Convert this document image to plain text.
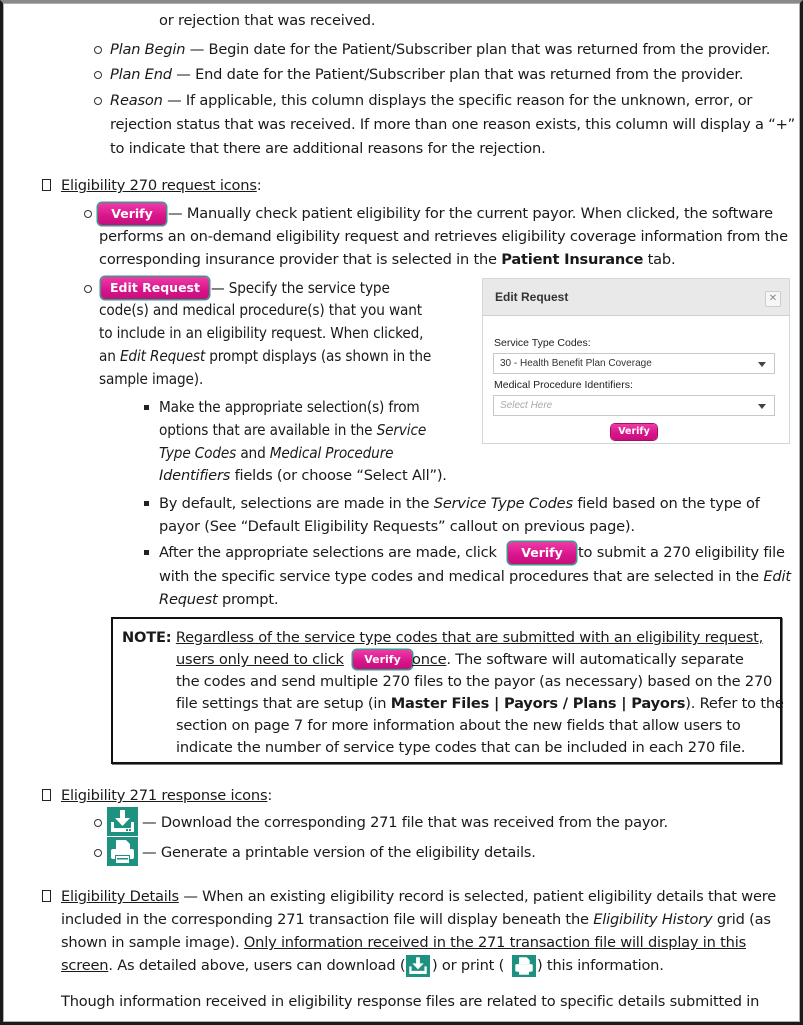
or rejection that was received.
Plan Begin — Begin date for the Patient/Subscriber plan that was returned from the provider.
Plan End — End date for the Patient/Subscriber plan that was returned from the provider.
Reason — If applicable, this column displays the specific reason for the unknown, error, or
rejection status that was received. If more than one reason exists, this column will display a “+”
to indicate that there are additional reasons for the rejection.
Eligibility 270 request icons:
Verify	— Manually check patient eligibility for the current payor. When clicked, the software
performs an on-demand eligibility request and retrieves eligibility coverage information from the
corresponding insurance provider that is selected in the Patient Insurance tab.
Edit Request — Specify the service type
code(s) and medical procedure(s) that you want
to include in an eligibility request. When clicked,
an Edit Request prompt displays (as shown in the
sample image).
Make the appropriate selection(s) from
options that are available in the Service
Type Codes and Medical Procedure
Identifiers fields (or choose “Select All”).
By default, selections are made in the Service Type Codes field based on the type of
payor (See “Default Eligibility Requests” callout on previous page).
After the appropriate selections are made, click	Verify	to submit a 270 eligibility file
with the specific service type codes and medical procedures that are selected in the Edit
Request prompt.
Edit Request	✕
Service Type Codes:
30 - Health Benefit Plan Coverage
Medical Procedure Identifiers:
Select Here
Verify
NOTE: Regardless of the service type codes that are submitted with an eligibility request,
users only need to click	Verify once. The software will automatically separate
the codes and send multiple 270 files to the payor (as necessary) based on the 270
file settings that are setup (in Master Files | Payors / Plans | Payors). Refer to the
section on page 7 for more information about the new fields that allow users to
indicate the number of service type codes that can be included in each 270 file.
Eligibility 271 response icons:
— Download the corresponding 271 file that was received from the payor.
— Generate a printable version of the eligibility details.
Eligibility Details — When an existing eligibility record is selected, patient eligibility details that were
included in the corresponding 271 transaction file will display beneath the Eligibility History grid (as
shown in sample image). Only information received in the 271 transaction file will display in this
screen. As detailed above, users can download ( ) or print ( ) this information.
Though information received in eligibility response files are related to specific details submitted in
